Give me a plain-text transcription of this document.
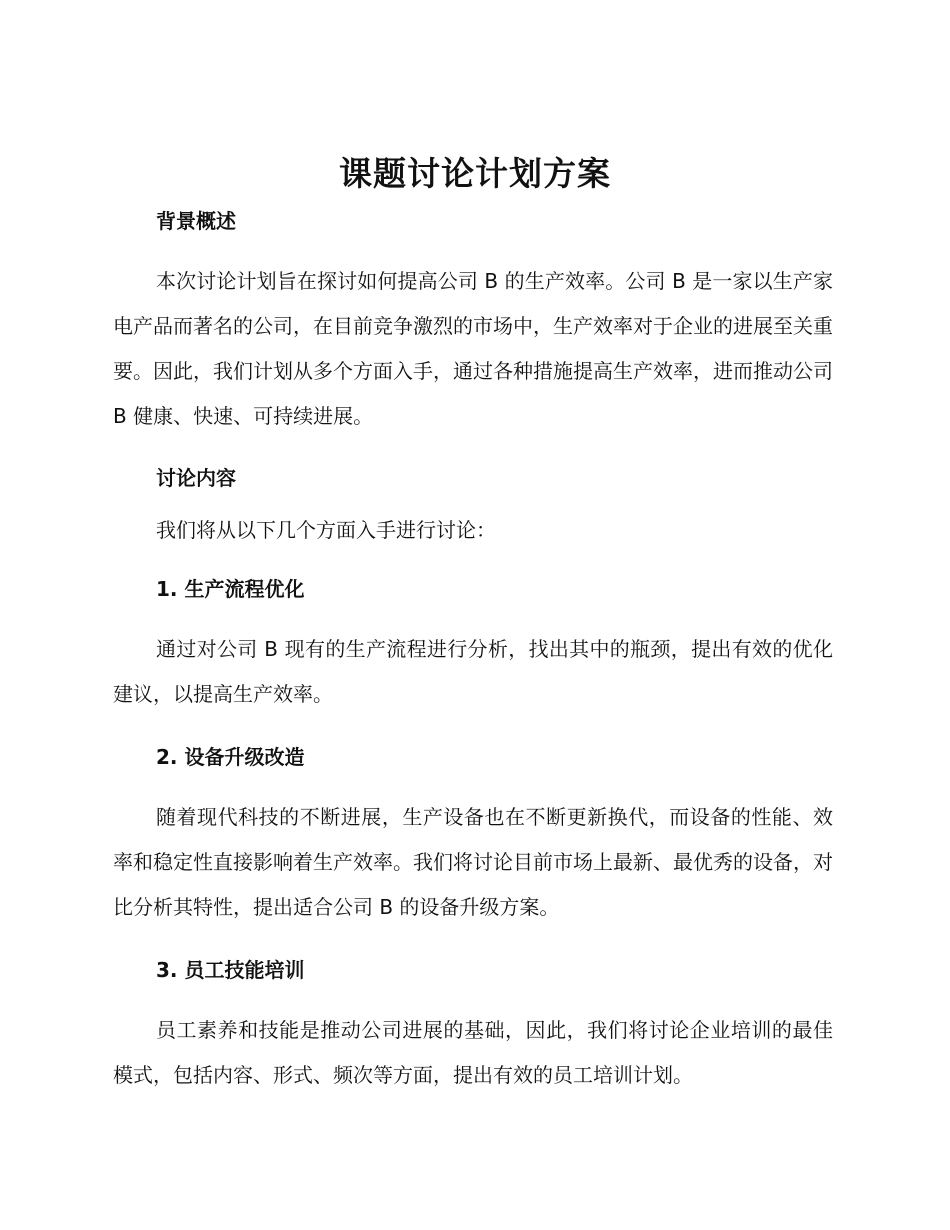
课题讨论计划方案
背景概述

本次讨论计划旨在探讨如何提高公司 B 的生产效率。公司 B 是一家以生产家电产品而著名的公司，在目前竞争激烈的市场中，生产效率对于企业的进展至关重要。因此，我们计划从多个方面入手，通过各种措施提高生产效率，进而推动公司 B 健康、快速、可持续进展。

讨论内容

我们将从以下几个方面入手进行讨论：

1. 生产流程优化

通过对公司 B 现有的生产流程进行分析，找出其中的瓶颈，提出有效的优化建议，以提高生产效率。

2. 设备升级改造

随着现代科技的不断进展，生产设备也在不断更新换代，而设备的性能、效率和稳定性直接影响着生产效率。我们将讨论目前市场上最新、最优秀的设备，对比分析其特性，提出适合公司 B 的设备升级方案。

3. 员工技能培训

员工素养和技能是推动公司进展的基础，因此，我们将讨论企业培训的最佳模式，包括内容、形式、频次等方面，提出有效的员工培训计划。
